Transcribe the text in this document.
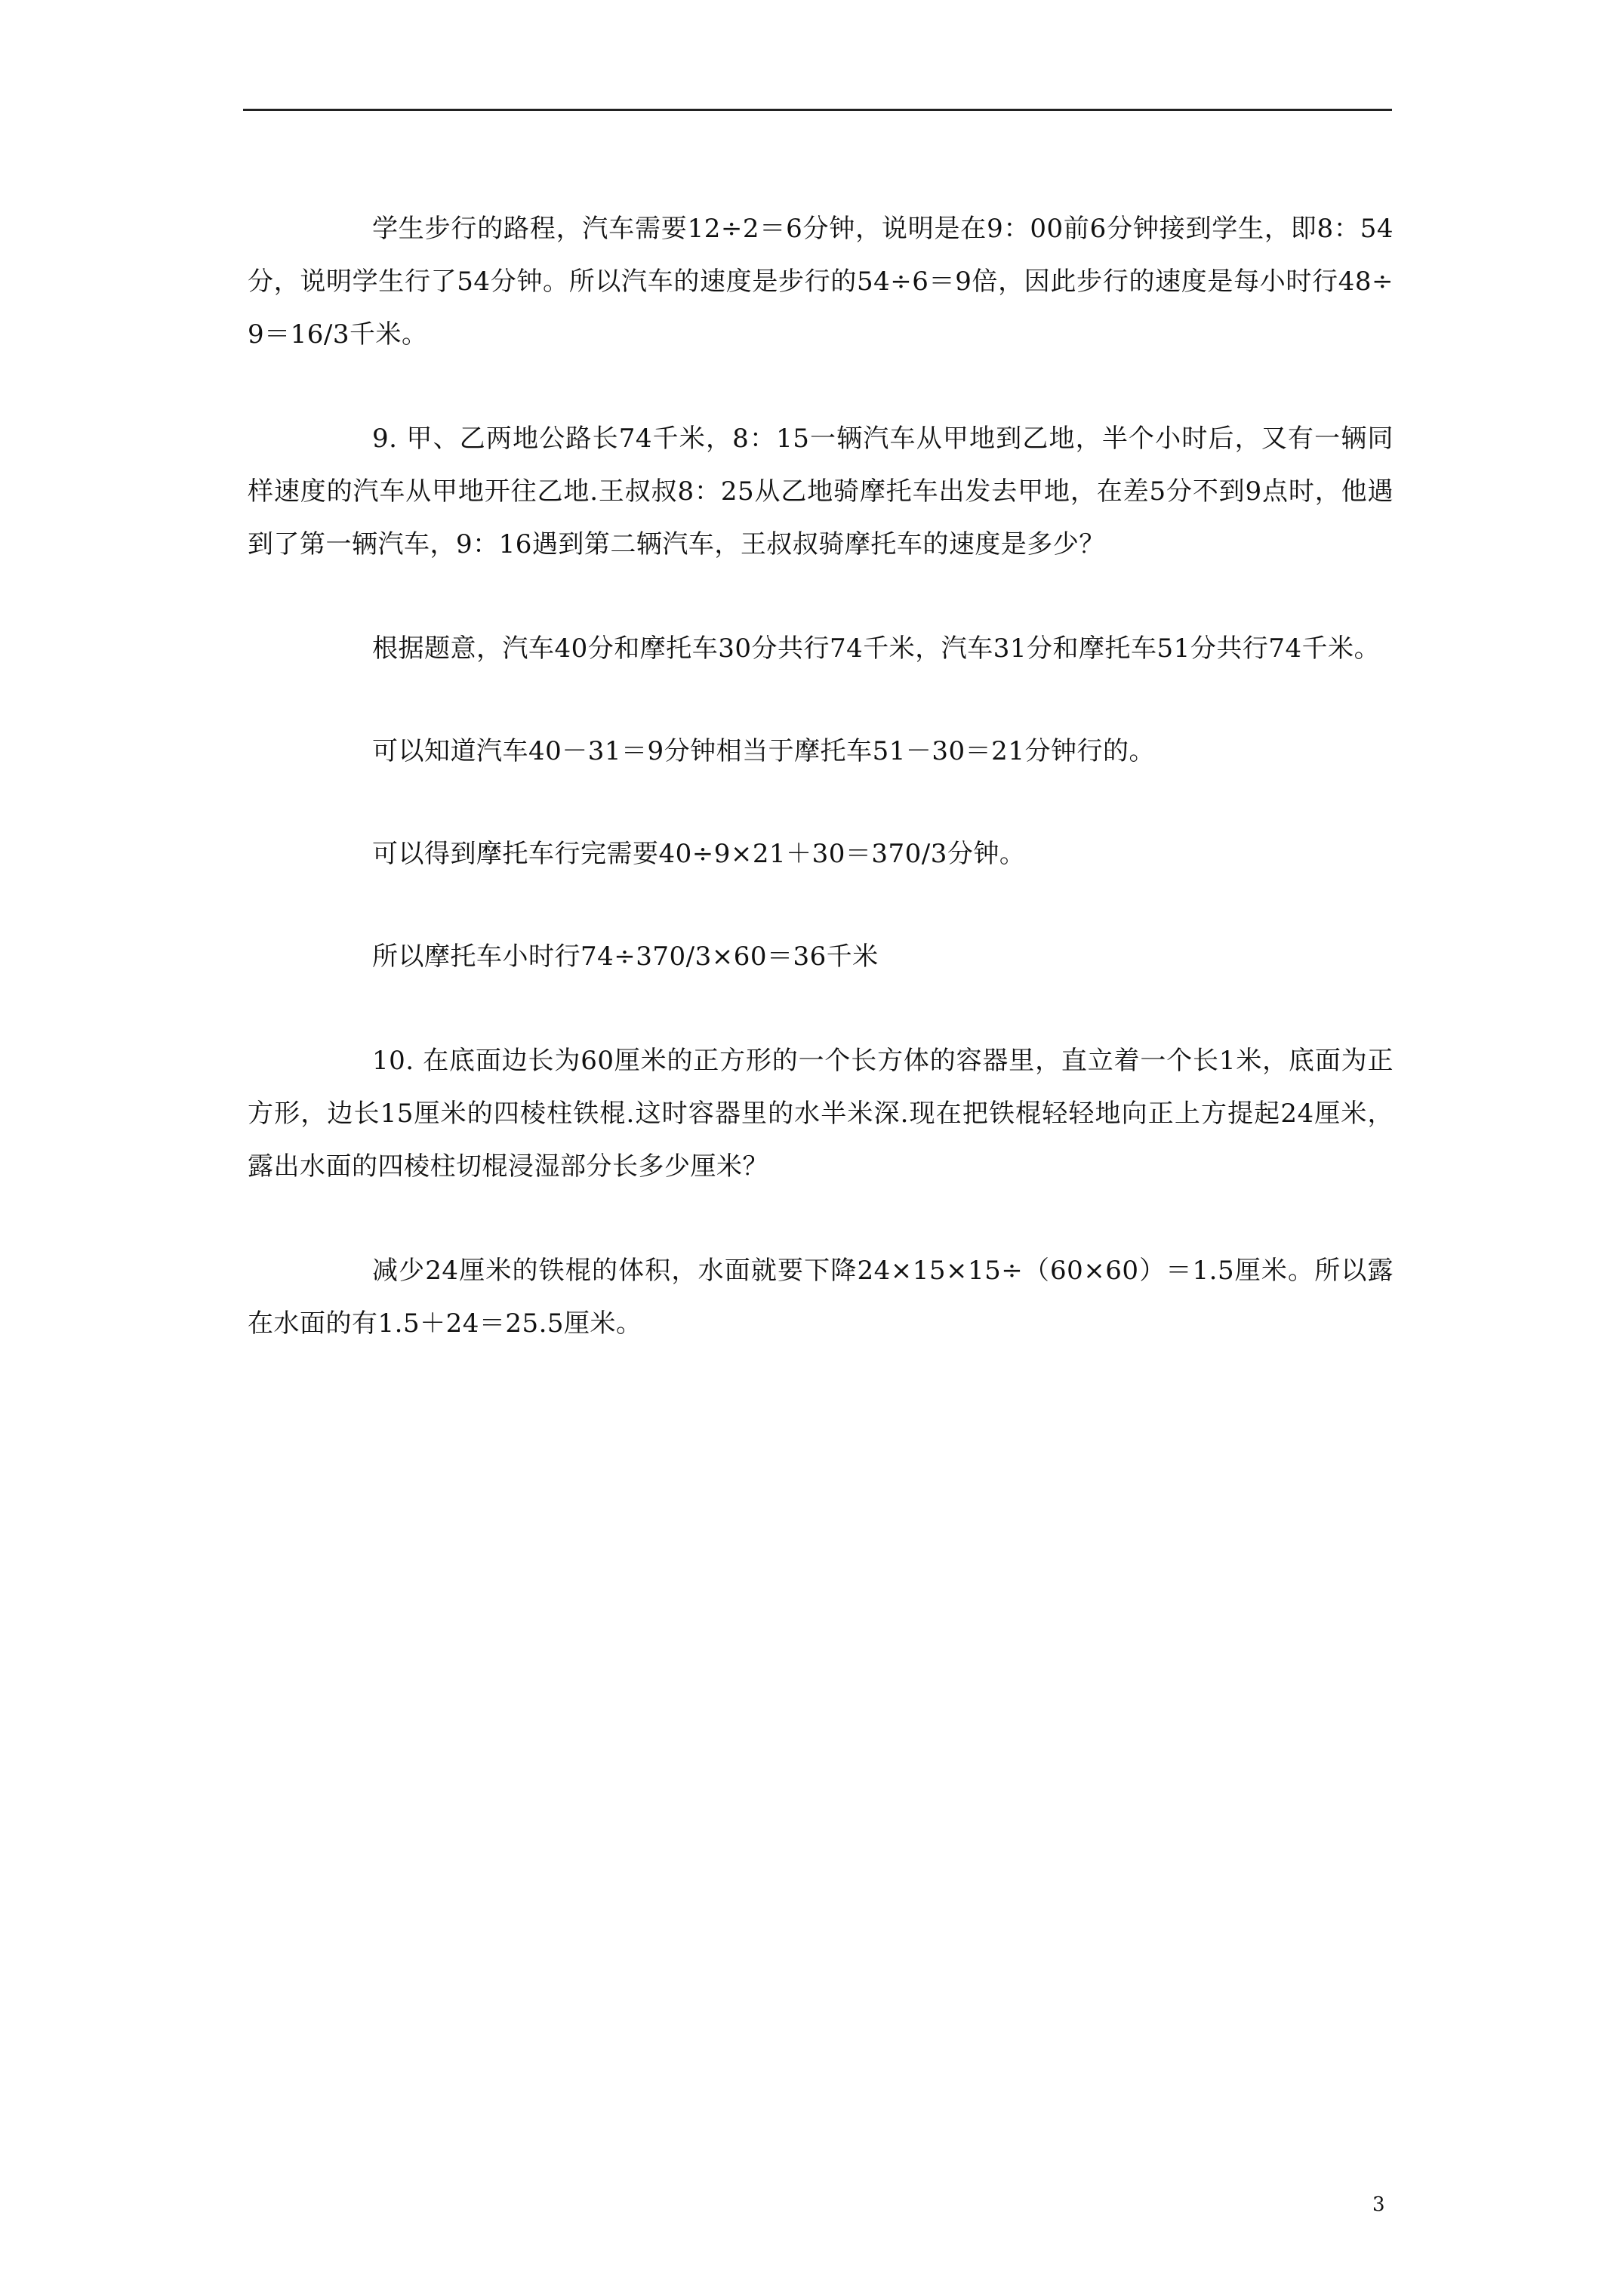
学生步行的路程，汽车需要12÷2＝6分钟，说明是在9：00前6分钟接到学生，即8：54分，说明学生行了54分钟。所以汽车的速度是步行的54÷6＝9倍，因此步行的速度是每小时行48÷9＝16/3千米。

9. 甲、乙两地公路长74千米，8：15一辆汽车从甲地到乙地，半个小时后，又有一辆同样速度的汽车从甲地开往乙地.王叔叔8：25从乙地骑摩托车出发去甲地，在差5分不到9点时，他遇到了第一辆汽车，9：16遇到第二辆汽车，王叔叔骑摩托车的速度是多少？

根据题意，汽车40分和摩托车30分共行74千米，汽车31分和摩托车51分共行74千米。

可以知道汽车40－31＝9分钟相当于摩托车51－30＝21分钟行的。

可以得到摩托车行完需要40÷9×21＋30＝370/3分钟。

所以摩托车小时行74÷370/3×60＝36千米

10. 在底面边长为60厘米的正方形的一个长方体的容器里，直立着一个长1米，底面为正方形，边长15厘米的四棱柱铁棍.这时容器里的水半米深.现在把铁棍轻轻地向正上方提起24厘米，露出水面的四棱柱切棍浸湿部分长多少厘米？

减少24厘米的铁棍的体积，水面就要下降24×15×15÷（60×60）＝1.5厘米。所以露在水面的有1.5＋24＝25.5厘米。

3
